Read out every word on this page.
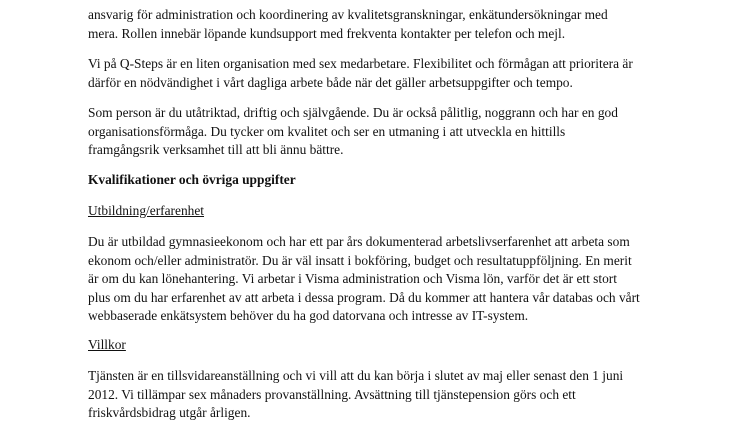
ansvarig för administration och koordinering av kvalitetsgranskningar, enkätundersökningar med
mera. Rollen innebär löpande kundsupport med frekventa kontakter per telefon och mejl.

Vi på Q-Steps är en liten organisation med sex medarbetare. Flexibilitet och förmågan att prioritera är
därför en nödvändighet i vårt dagliga arbete både när det gäller arbetsuppgifter och tempo.

Som person är du utåtriktad, driftig och självgående. Du är också pålitlig, noggrann och har en god
organisationsförmåga. Du tycker om kvalitet och ser en utmaning i att utveckla en hittills
framgångsrik verksamhet till att bli ännu bättre.

Kvalifikationer och övriga uppgifter

Utbildning/erfarenhet

Du är utbildad gymnasieekonom och har ett par års dokumenterad arbetslivserfarenhet att arbeta som
ekonom och/eller administratör. Du är väl insatt i bokföring, budget och resultatuppföljning. En merit
är om du kan lönehantering. Vi arbetar i Visma administration och Visma lön, varför det är ett stort
plus om du har erfarenhet av att arbeta i dessa program. Då du kommer att hantera vår databas och vårt
webbaserade enkätsystem behöver du ha god datorvana och intresse av IT-system.

Villkor

Tjänsten är en tillsvidareanställning och vi vill att du kan börja i slutet av maj eller senast den 1 juni
2012. Vi tillämpar sex månaders provanställning. Avsättning till tjänstepension görs och ett
friskvårdsbidrag utgår årligen.
